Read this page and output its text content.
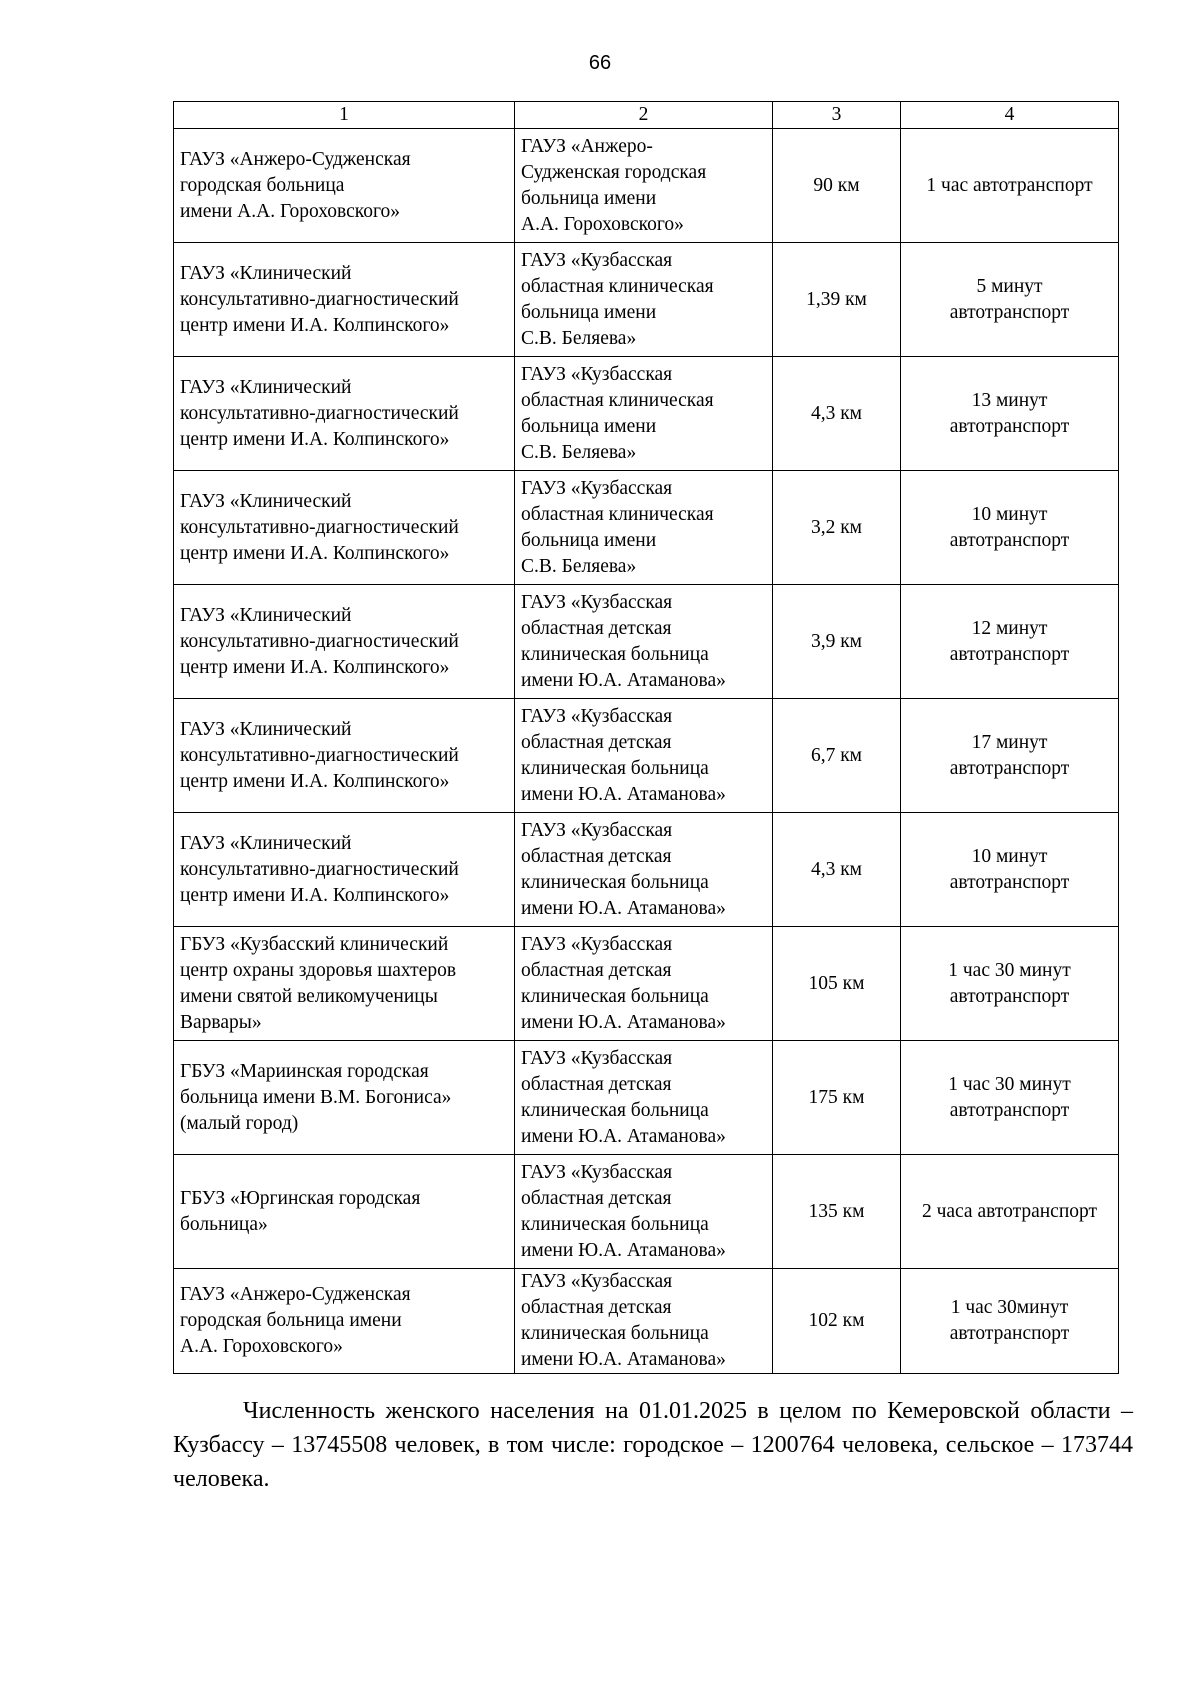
66
1	2	3	4
ГАУЗ «Анжеро-Судженская
городская больница
имени А.А. Гороховского»	ГАУЗ «Анжеро-
Судженская городская
больница имени
А.А. Гороховского»	90 км	1 час автотранспорт
ГАУЗ «Клинический
консультативно-диагностический
центр имени И.А. Колпинского»	ГАУЗ «Кузбасская
областная клиническая
больница имени
С.В. Беляева»	1,39 км	5 минут
автотранспорт
ГАУЗ «Клинический
консультативно-диагностический
центр имени И.А. Колпинского»	ГАУЗ «Кузбасская
областная клиническая
больница имени
С.В. Беляева»	4,3 км	13 минут
автотранспорт
ГАУЗ «Клинический
консультативно-диагностический
центр имени И.А. Колпинского»	ГАУЗ «Кузбасская
областная клиническая
больница имени
С.В. Беляева»	3,2 км	10 минут
автотранспорт
ГАУЗ «Клинический
консультативно-диагностический
центр имени И.А. Колпинского»	ГАУЗ «Кузбасская
областная детская
клиническая больница
имени Ю.А. Атаманова»	3,9 км	12 минут
автотранспорт
ГАУЗ «Клинический
консультативно-диагностический
центр имени И.А. Колпинского»	ГАУЗ «Кузбасская
областная детская
клиническая больница
имени Ю.А. Атаманова»	6,7 км	17 минут
автотранспорт
ГАУЗ «Клинический
консультативно-диагностический
центр имени И.А. Колпинского»	ГАУЗ «Кузбасская
областная детская
клиническая больница
имени Ю.А. Атаманова»	4,3 км	10 минут
автотранспорт
ГБУЗ «Кузбасский клинический
центр охраны здоровья шахтеров
имени святой великомученицы
Варвары»	ГАУЗ «Кузбасская
областная детская
клиническая больница
имени Ю.А. Атаманова»	105 км	1 час 30 минут
автотранспорт
ГБУЗ «Мариинская городская
больница имени В.М. Богониса»
(малый город)	ГАУЗ «Кузбасская
областная детская
клиническая больница
имени Ю.А. Атаманова»	175 км	1 час 30 минут
автотранспорт
ГБУЗ «Юргинская городская
больница»	ГАУЗ «Кузбасская
областная детская
клиническая больница
имени Ю.А. Атаманова»	135 км	2 часа автотранспорт
ГАУЗ «Анжеро-Судженская
городская больница имени
А.А. Гороховского»	ГАУЗ «Кузбасская
областная детская
клиническая больница
имени Ю.А. Атаманова»	102 км	1 час 30минут
автотранспорт

Численность женского населения на 01.01.2025 в целом по Кемеровской области – Кузбассу – 13745508 человек, в том числе: городское – 1200764 человека, сельское – 173744 человека.
